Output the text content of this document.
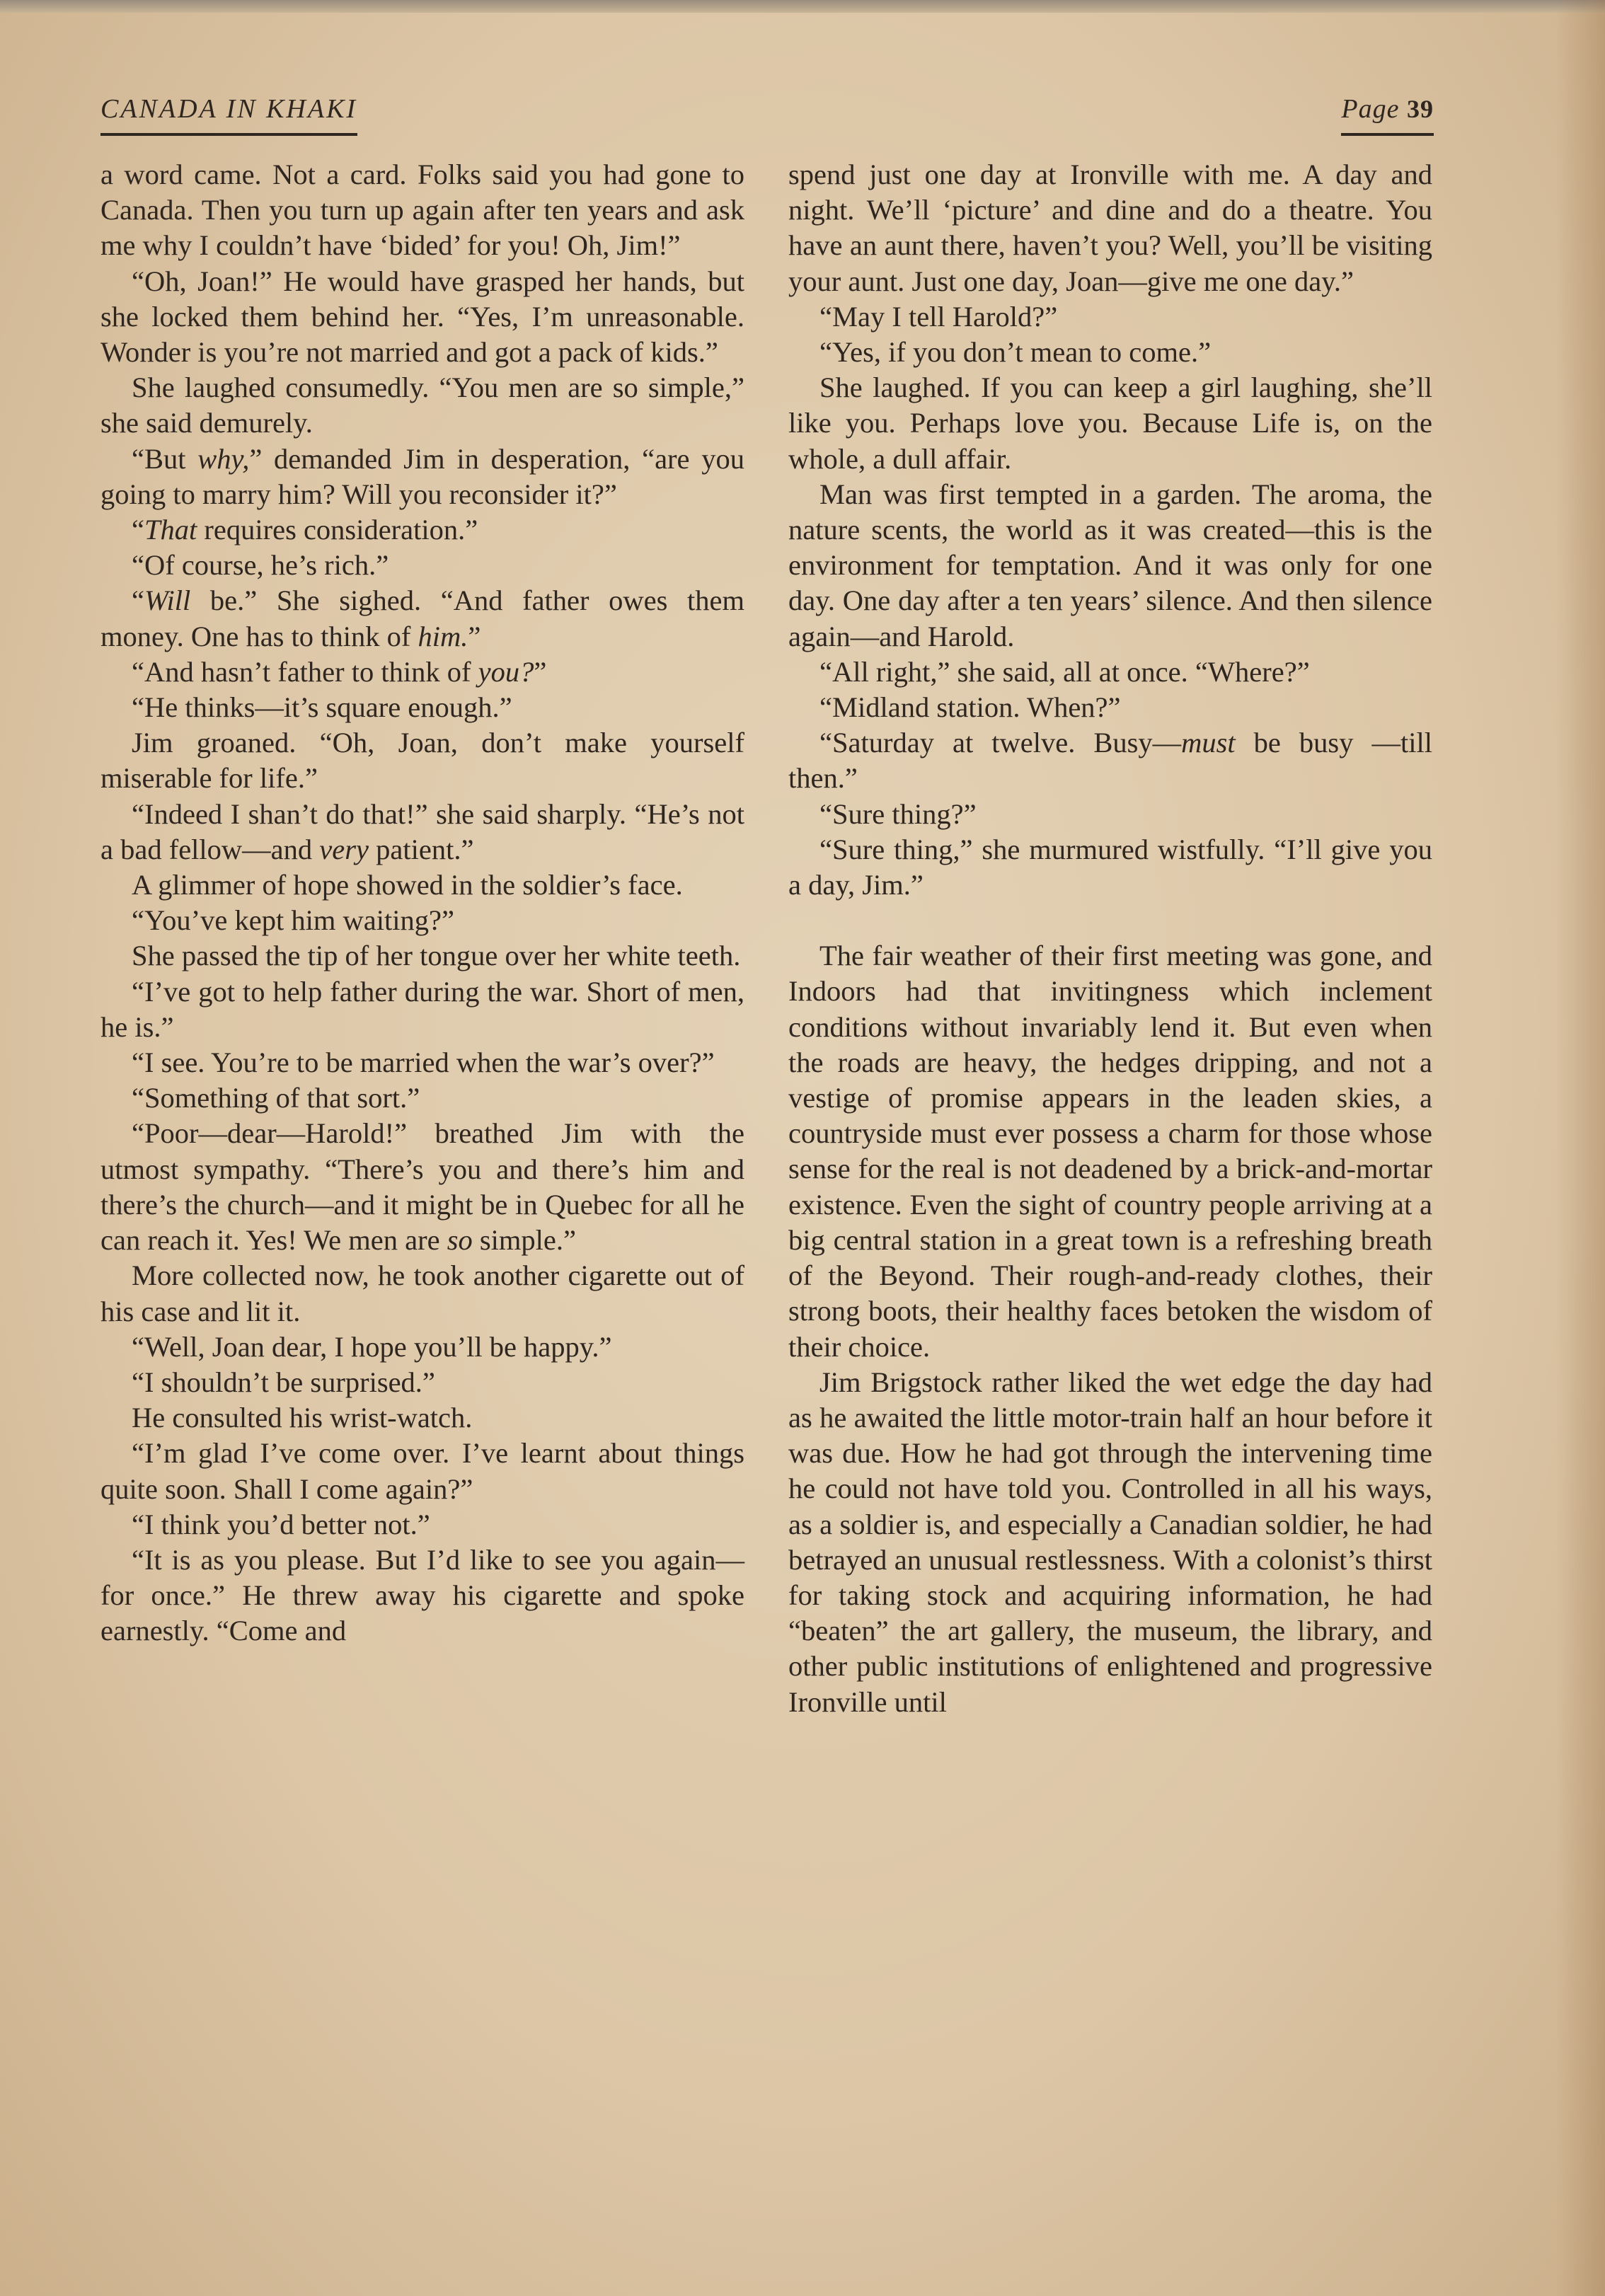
CANADA IN KHAKI	Page 39

a word came. Not a card. Folks said you had gone to Canada. Then you turn up again after ten years and ask me why I couldn’t have ‘bided’ for you! Oh, Jim!”

“Oh, Joan!” He would have grasped her hands, but she locked them behind her. “Yes, I’m unreasonable. Wonder is you’re not married and got a pack of kids.”

She laughed consumedly. “You men are so simple,” she said demurely.

“But why,” demanded Jim in desperation, “are you going to marry him? Will you reconsider it?”

“That requires consideration.”

“Of course, he’s rich.”

“Will be.” She sighed. “And father owes them money. One has to think of him.”

“And hasn’t father to think of you?”

“He thinks—it’s square enough.”

Jim groaned. “Oh, Joan, don’t make yourself miserable for life.”

“Indeed I shan’t do that!” she said sharply. “He’s not a bad fellow—and very patient.”

A glimmer of hope showed in the soldier’s face.

“You’ve kept him waiting?”

She passed the tip of her tongue over her white teeth.

“I’ve got to help father during the war. Short of men, he is.”

“I see. You’re to be married when the war’s over?”

“Something of that sort.”

“Poor—dear—Harold!” breathed Jim with the utmost sympathy. “There’s you and there’s him and there’s the church—and it might be in Quebec for all he can reach it. Yes! We men are so simple.”

More collected now, he took another cigarette out of his case and lit it.

“Well, Joan dear, I hope you’ll be happy.”

“I shouldn’t be surprised.”

He consulted his wrist-watch.

“I’m glad I’ve come over. I’ve learnt about things quite soon. Shall I come again?”

“I think you’d better not.”

“It is as you please. But I’d like to see you again—for once.” He threw away his cigarette and spoke earnestly. “Come and

spend just one day at Ironville with me. A day and night. We’ll ‘picture’ and dine and do a theatre. You have an aunt there, haven’t you? Well, you’ll be visiting your aunt. Just one day, Joan—give me one day.”

“May I tell Harold?”

“Yes, if you don’t mean to come.”

She laughed. If you can keep a girl laughing, she’ll like you. Perhaps love you. Because Life is, on the whole, a dull affair.

Man was first tempted in a garden. The aroma, the nature scents, the world as it was created—this is the environment for temptation. And it was only for one day. One day after a ten years’ silence. And then silence again—and Harold.

“All right,” she said, all at once. “Where?”

“Midland station. When?”

“Saturday at twelve. Busy—must be busy —till then.”

“Sure thing?”

“Sure thing,” she murmured wistfully. “I’ll give you a day, Jim.”

The fair weather of their first meeting was gone, and Indoors had that invitingness which inclement conditions without invariably lend it. But even when the roads are heavy, the hedges dripping, and not a vestige of promise appears in the leaden skies, a countryside must ever possess a charm for those whose sense for the real is not deadened by a brick-and-mortar existence. Even the sight of country people arriving at a big central station in a great town is a refreshing breath of the Beyond. Their rough-and-ready clothes, their strong boots, their healthy faces betoken the wisdom of their choice.

Jim Brigstock rather liked the wet edge the day had as he awaited the little motor-train half an hour before it was due. How he had got through the intervening time he could not have told you. Controlled in all his ways, as a soldier is, and especially a Canadian soldier, he had betrayed an unusual restlessness. With a colonist’s thirst for taking stock and acquiring information, he had “beaten” the art gallery, the museum, the library, and other public institutions of enlightened and progressive Ironville until
